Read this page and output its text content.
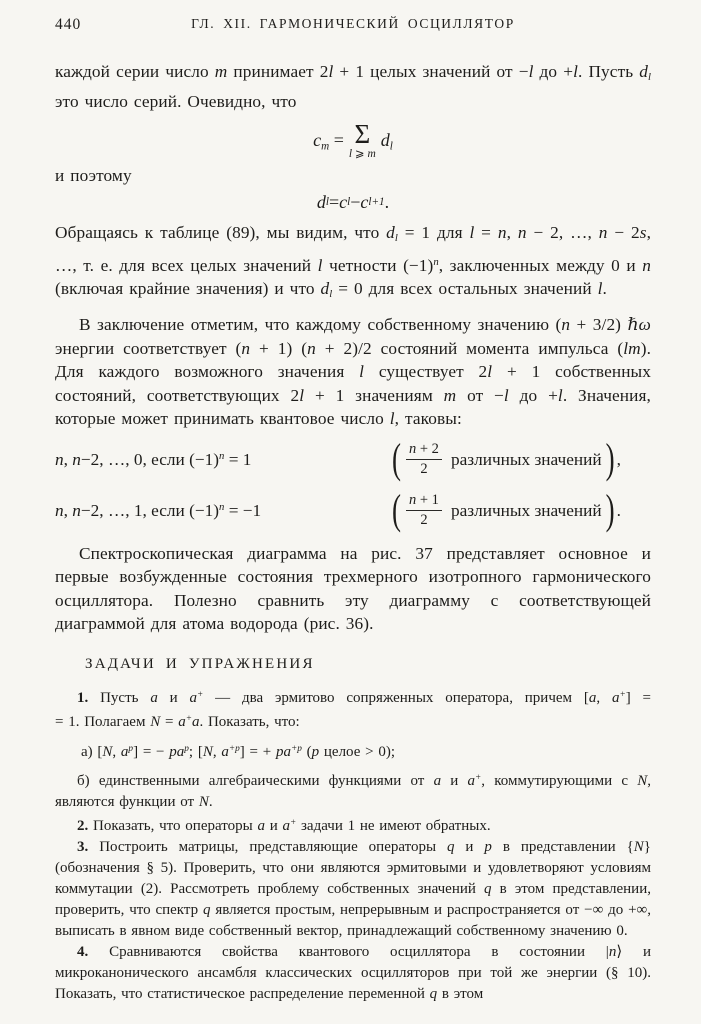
440	ГЛ. XII. ГАРМОНИЧЕСКИЙ ОСЦИЛЛЯТОР

каждой серии число m принимает 2l + 1 целых значений от −l до +l. Пусть $d_l$ это число серий. Очевидно, что

$c_m = \Sigma$
l ⩾ m
$d_l$

и поэтому

d l = c l − c l+1 .

Обращаясь к таблице (89), мы видим, что $d_l = 1$ для l = n, n − 2, …, n − 2s, …, т. е. для всех целых значений l четности $(-1)^n$, заключенных между 0 и n (включая крайние значения) и что $d_l = 0$ для всех остальных значений l.

В заключение отметим, что каждому собственному значению (n + 3/2) ℏω энергии соответствует (n + 1) (n + 2)/2 состояний момента импульса (lm). Для каждого возможного значения l существует 2l + 1 собственных состояний, соответствующих 2l + 1 значениям m от −l до +l. Значения, которые может принимать квантовое число l, таковы:

n, n−2, …, 0, если $(-1)^n = 1$	( $\frac{n + 2}{2}$ различных значений ) ,
n, n−2, …, 1, если $(-1)^n = -1$	( $\frac{n + 1}{2}$ различных значений ) .

Спектроскопическая диаграмма на рис. 37 представляет основное и первые возбужденные состояния трехмерного изотропного гармонического осциллятора. Полезно сравнить эту диаграмму с соответствующей диаграммой для атома водорода (рис. 36).

ЗАДАЧИ И УПРАЖНЕНИЯ

1. Пусть a и a+ — два эрмитово сопряженных оператора, причем [a, a+] =

= 1. Полагаем N = a+a. Показать, что:

а) [N, $a^p$] = − $pa^p$; [N, $a^{+p}$] = + $pa^{+p}$ (p целое > 0);

б) единственными алгебраическими функциями от a и a+, коммутирующими с N, являются функции от N.

2. Показать, что операторы a и a+ задачи 1 не имеют обратных.

3. Построить матрицы, представляющие операторы q и p в представлении {N} (обозначения § 5). Проверить, что они являются эрмитовыми и удовлетворяют условиям коммутации (2). Рассмотреть проблему собственных значений q в этом представлении, проверить, что спектр q является простым, непрерывным и распространяется от −∞ до +∞, выписать в явном виде собственный вектор, принадлежащий собственному значению 0.

4. Сравниваются свойства квантового осциллятора в состоянии |n⟩ и микроканонического ансамбля классических осцилляторов при той же энергии (§ 10). Показать, что статистическое распределение переменной q в этом
